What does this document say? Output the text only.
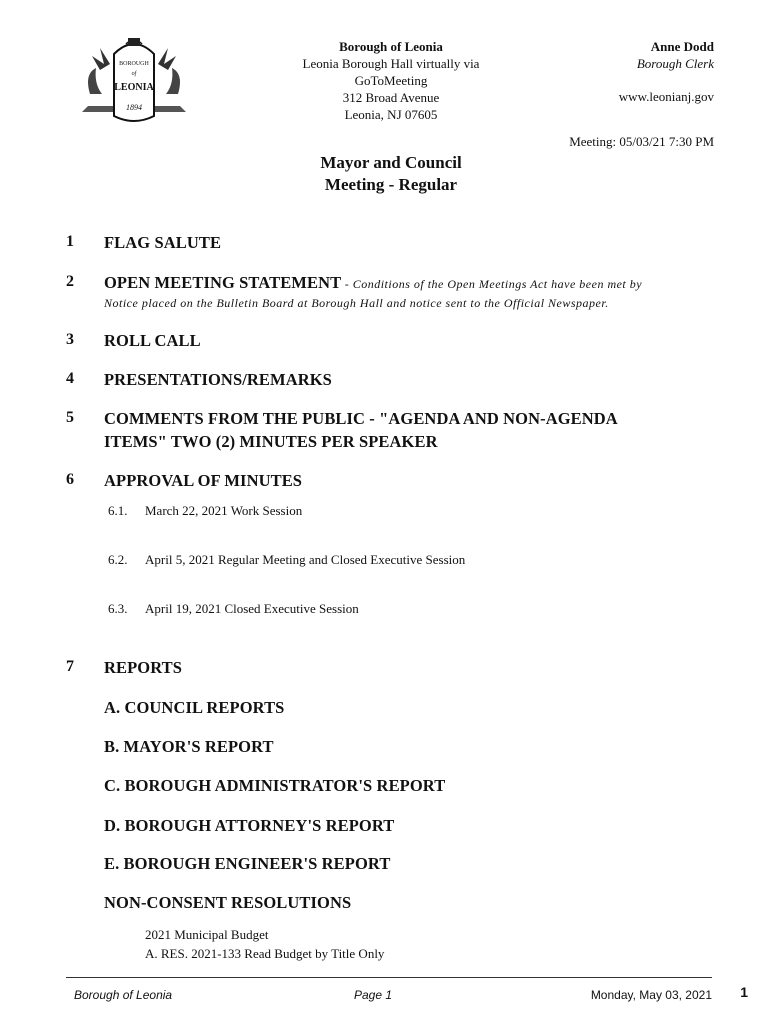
BOROUGH
of
LEONIA
1894
Borough of Leonia
Leonia Borough Hall virtually via
GoToMeeting
312 Broad Avenue
Leonia, NJ 07605
Anne Dodd
Borough Clerk
www.leonianj.gov
Meeting: 05/03/21 7:30 PM
Mayor and Council
Meeting - Regular
1 FLAG SALUTE
2 OPEN MEETING STATEMENT - Conditions of the Open Meetings Act have been met by
Notice placed on the Bulletin Board at Borough Hall and notice sent to the Official Newspaper.
3 ROLL CALL
4 PRESENTATIONS/REMARKS
5 COMMENTS FROM THE PUBLIC - "AGENDA AND NON-AGENDA
ITEMS" TWO (2) MINUTES PER SPEAKER
6 APPROVAL OF MINUTES
6.1. March 22, 2021 Work Session
6.2. April 5, 2021 Regular Meeting and Closed Executive Session
6.3. April 19, 2021 Closed Executive Session
7 REPORTS
A. COUNCIL REPORTS
B. MAYOR'S REPORT
C. BOROUGH ADMINISTRATOR'S REPORT
D. BOROUGH ATTORNEY'S REPORT
E. BOROUGH ENGINEER'S REPORT
NON-CONSENT RESOLUTIONS
2021 Municipal Budget
A. RES. 2021-133 Read Budget by Title Only
Borough of Leonia	Page 1	Monday, May 03, 2021 1
